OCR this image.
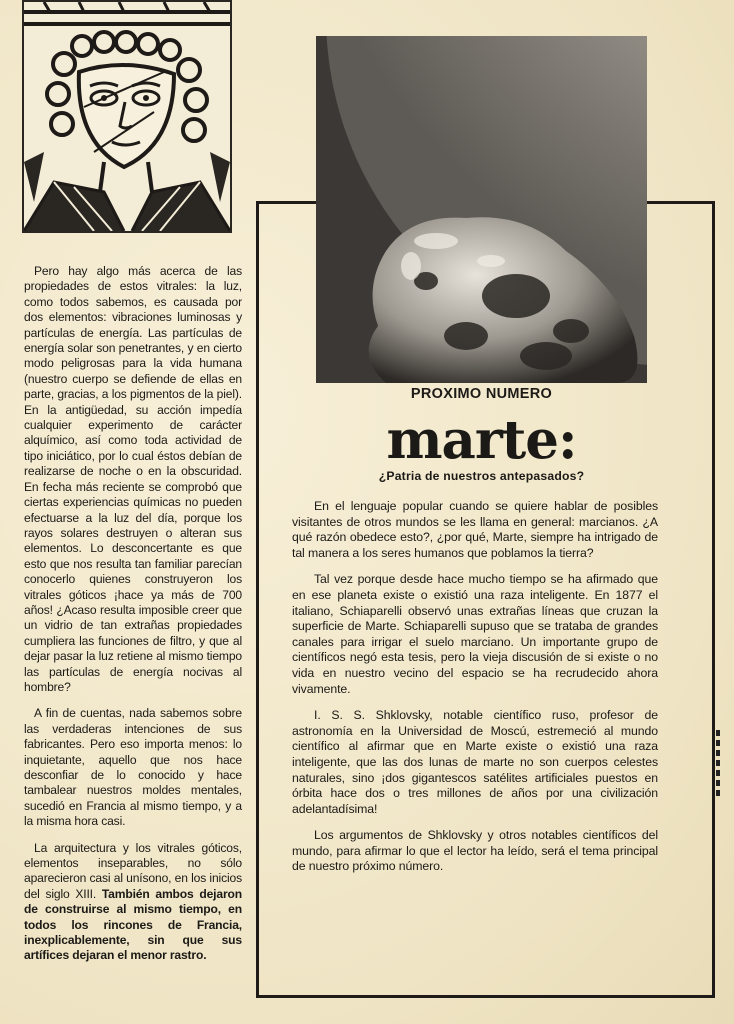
Pero hay algo más acerca de las propiedades de estos vitrales: la luz, como todos sabemos, es causada por dos elementos: vibraciones luminosas y partículas de energía. Las partículas de energía solar son penetrantes, y en cierto modo peligrosas para la vida humana (nuestro cuerpo se defiende de ellas en parte, gracias, a los pigmentos de la piel). En la antigüedad, su acción impedía cualquier experimento de carácter alquímico, así como toda actividad de tipo iniciático, por lo cual éstos debían de realizarse de noche o en la obscuridad. En fecha más reciente se comprobó que ciertas experiencias químicas no pueden efectuarse a la luz del día, porque los rayos solares destruyen o alteran sus elementos. Lo desconcertante es que esto que nos resulta tan familiar parecían conocerlo quienes construyeron los vitrales góticos ¡hace ya más de 700 años! ¿Acaso resulta imposible creer que un vidrio de tan extrañas propiedades cumpliera las funciones de filtro, y que al dejar pasar la luz retiene al mismo tiempo las partículas de energía nocivas al hombre?

A fin de cuentas, nada sabemos sobre las verdaderas intenciones de sus fabricantes. Pero eso importa menos: lo inquietante, aquello que nos hace desconfiar de lo conocido y hace tambalear nuestros moldes mentales, sucedió en Francia al mismo tiempo, y a la misma hora casi.

La arquitectura y los vitrales góticos, elementos inseparables, no sólo aparecieron casi al unísono, en los inicios del siglo XIII. También ambos dejaron de construirse al mismo tiempo, en todos los rincones de Francia, inexplicablemente, sin que sus artífices dejaran el menor rastro.

PROXIMO NUMERO
marte:
¿Patria de nuestros antepasados?

En el lenguaje popular cuando se quiere hablar de posibles visitantes de otros mundos se les llama en general: marcianos. ¿A qué razón obedece esto?, ¿por qué, Marte, siempre ha intrigado de tal manera a los seres humanos que poblamos la tierra?

Tal vez porque desde hace mucho tiempo se ha afirmado que en ese planeta existe o existió una raza inteligente. En 1877 el italiano, Schiaparelli observó unas extrañas líneas que cruzan la superficie de Marte. Schiaparelli supuso que se trataba de grandes canales para irrigar el suelo marciano. Un importante grupo de científicos negó esta tesis, pero la vieja discusión de si existe o no vida en nuestro vecino del espacio se ha recrudecido ahora vivamente.

I. S. S. Shklovsky, notable científico ruso, profesor de astronomía en la Universidad de Moscú, estremeció al mundo científico al afirmar que en Marte existe o existió una raza inteligente, que las dos lunas de marte no son cuerpos celestes naturales, sino ¡dos gigantescos satélites artificiales puestos en órbita hace dos o tres millones de años por una civilización adelantadísima!

Los argumentos de Shklovsky y otros notables científicos del mundo, para afirmar lo que el lector ha leído, será el tema principal de nuestro próximo número.
